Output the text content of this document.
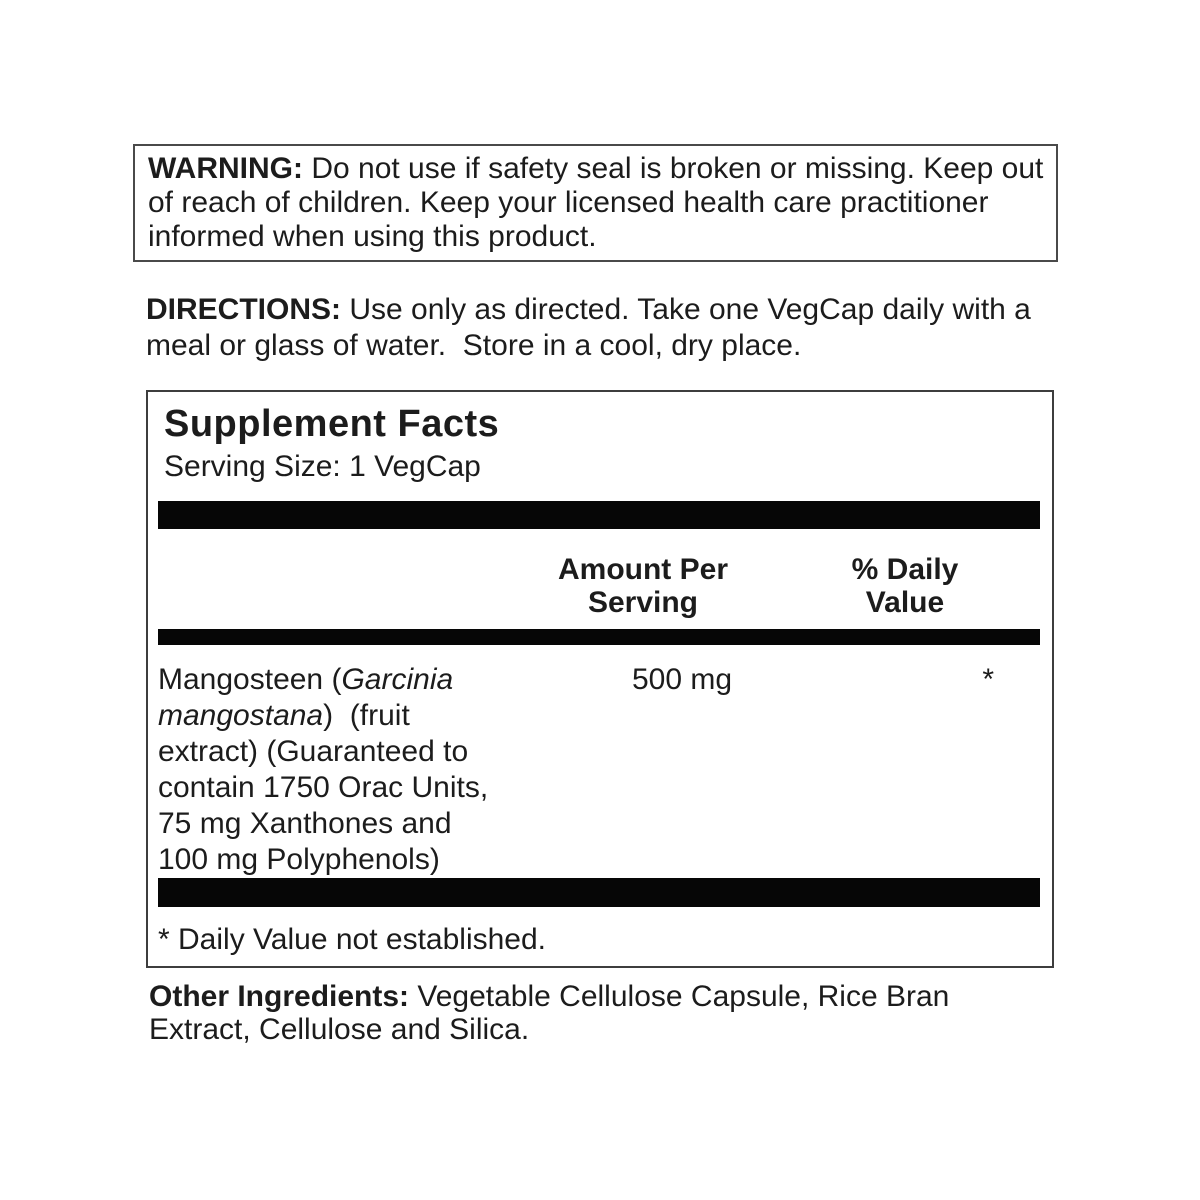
WARNING: Do not use if safety seal is broken or missing. Keep out of reach of children. Keep your licensed health care practitioner informed when using this product.
DIRECTIONS: Use only as directed. Take one VegCap daily with a meal or glass of water.  Store in a cool, dry place.
Supplement Facts
Serving Size: 1 VegCap
Amount Per Serving
% Daily Value
Mangosteen (Garcinia mangostana)  (fruit extract) (Guaranteed to contain 1750 Orac Units, 75 mg Xanthones and 100 mg Polyphenols)
500 mg	*
* Daily Value not established.
Other Ingredients: Vegetable Cellulose Capsule, Rice Bran Extract, Cellulose and Silica.
